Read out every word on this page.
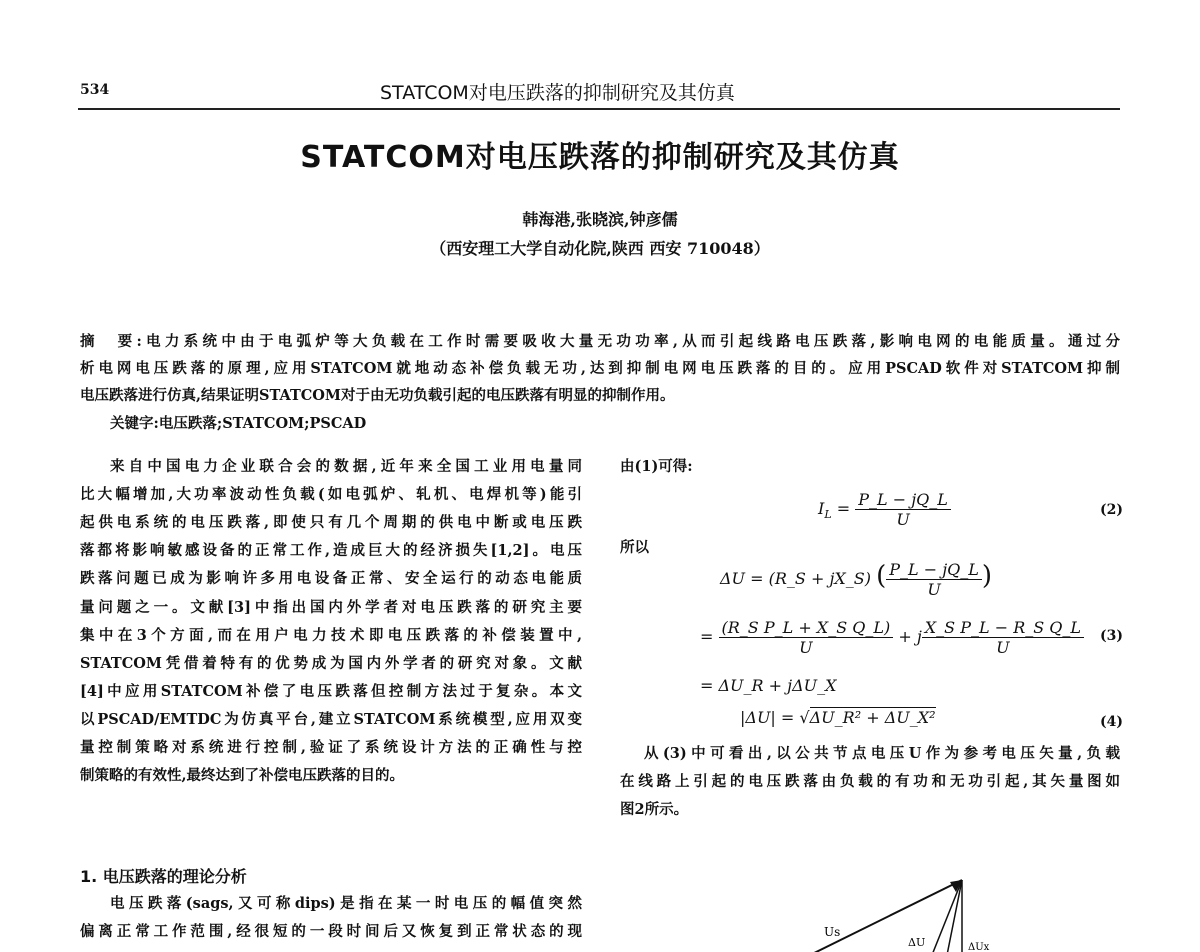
534	STATCOM对电压跌落的抑制研究及其仿真
STATCOM对电压跌落的抑制研究及其仿真
韩海港,张晓滨,钟彦儒
（西安理工大学自动化院,陕西 西安 710048）
摘　要:电力系统中由于电弧炉等大负载在工作时需要吸收大量无功功率,从而引起线路电压跌落,影响电网的电能质量。通过分
析电网电压跌落的原理,应用STATCOM就地动态补偿负载无功,达到抑制电网电压跌落的目的。应用PSCAD软件对STATCOM抑制
电压跌落进行仿真,结果证明STATCOM对于由无功负载引起的电压跌落有明显的抑制作用。
关键字:电压跌落;STATCOM;PSCAD
来自中国电力企业联合会的数据,近年来全国工业用电量同
比大幅增加,大功率波动性负载(如电弧炉、轧机、电焊机等)能引
起供电系统的电压跌落,即使只有几个周期的供电中断或电压跌
落都将影响敏感设备的正常工作,造成巨大的经济损失[1,2]。电压
跌落问题已成为影响许多用电设备正常、安全运行的动态电能质
量问题之一。文献[3]中指出国内外学者对电压跌落的研究主要
集中在3个方面,而在用户电力技术即电压跌落的补偿装置中,
STATCOM凭借着特有的优势成为国内外学者的研究对象。文献
[4]中应用STATCOM补偿了电压跌落但控制方法过于复杂。本文
以PSCAD/EMTDC为仿真平台,建立STATCOM系统模型,应用双变
量控制策略对系统进行控制,验证了系统设计方法的正确性与控
制策略的有效性,最终达到了补偿电压跌落的目的。
1. 电压跌落的理论分析
电压跌落(sags,又可称dips)是指在某一时电压的幅值突然
偏离正常工作范围,经很短的一段时间后又恢复到正常状态的现
由(1)可得:
$I_L = \frac{P\_L - jQ\_L}{U}$	(2)
所以
ΔU = (R_S + jX_S) ( $\frac{P\_L - jQ\_L}{U}$ )
= $\frac{\text{(R\_S P\_L + X\_S Q\_L)}}{U} + j \frac{\text{X\_S P\_L − R\_S Q\_L}}{U} (3)$
= ΔU_R + jΔU_X
|ΔU| = √ΔU_R² + ΔU_X²	(4)
从(3)中可看出,以公共节点电压U作为参考电压矢量,负载
在线路上引起的电压跌落由负载的有功和无功引起,其矢量图如
图2所示。
Us
ΔU	ΔUx
